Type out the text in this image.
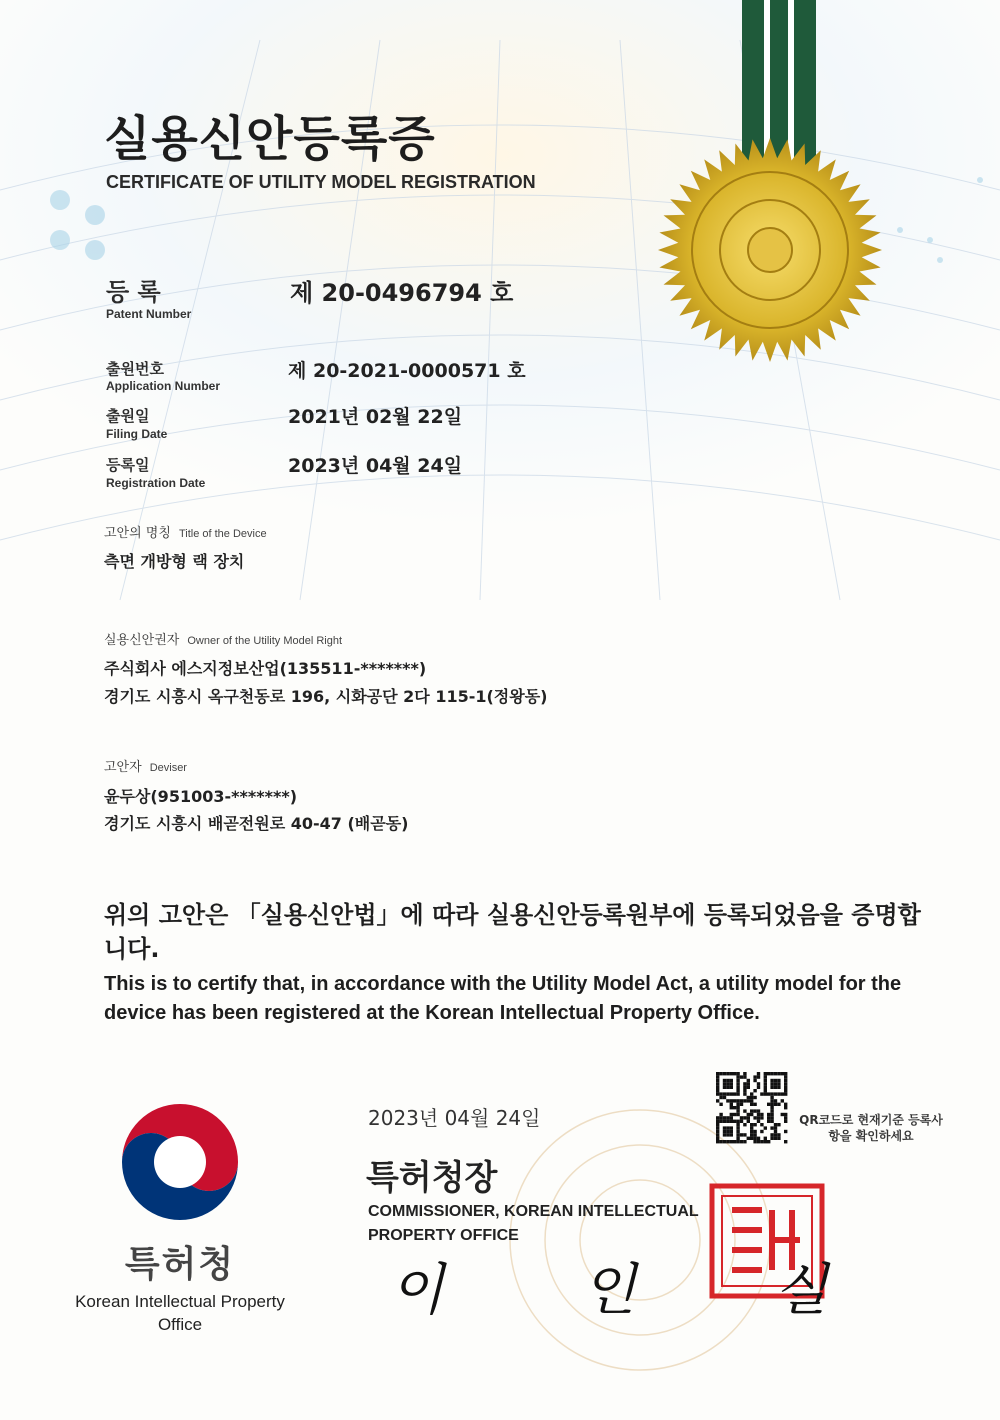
실용신안등록증
CERTIFICATE OF UTILITY MODEL REGISTRATION
등 록
Patent Number
제 20-0496794 호
출원번호
Application Number
제 20-2021-0000571 호
출원일
Filing Date
2021년 02월 22일
등록일
Registration Date
2023년 04월 24일
고안의 명칭 Title of the Device
측면 개방형 랙 장치
실용신안권자 Owner of the Utility Model Right
주식회사 에스지정보산업(135511-*******)
경기도 시흥시 옥구천동로 196, 시화공단 2다 115-1(정왕동)
고안자 Deviser
윤두상(951003-*******)
경기도 시흥시 배곧전원로 40-47 (배곧동)
위의 고안은 「실용신안법」에 따라 실용신안등록원부에 등록되었음을 증명합니다.
This is to certify that, in accordance with the Utility Model Act, a utility model for the device has been registered at the Korean Intellectual Property Office.
특허청
Korean Intellectual Property Office
2023년 04월 24일
특허청장
COMMISSIONER, KOREAN INTELLECTUAL PROPERTY OFFICE
QR코드로 현재기준 등록사항을 확인하세요
이 인 실
